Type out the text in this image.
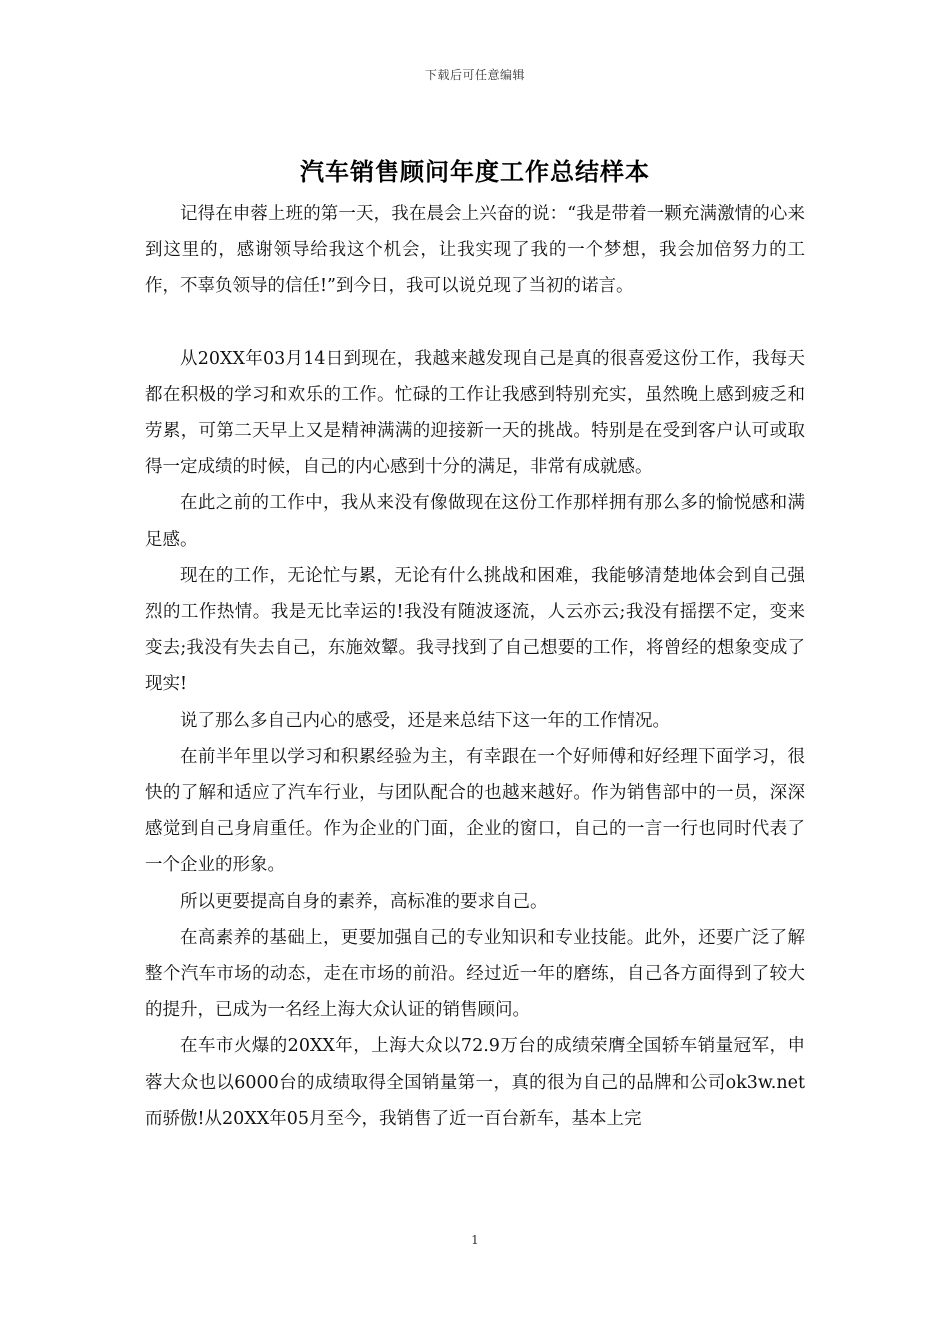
下载后可任意编辑
汽车销售顾问年度工作总结样本

记得在申蓉上班的第一天，我在晨会上兴奋的说：“我是带着一颗充满激情的心来到这里的，感谢领导给我这个机会，让我实现了我的一个梦想，我会加倍努力的工作，不辜负领导的信任!”到今日，我可以说兑现了当初的诺言。

从20XX年03月14日到现在，我越来越发现自己是真的很喜爱这份工作，我每天都在积极的学习和欢乐的工作。忙碌的工作让我感到特别充实，虽然晚上感到疲乏和劳累，可第二天早上又是精神满满的迎接新一天的挑战。特别是在受到客户认可或取得一定成绩的时候，自己的内心感到十分的满足，非常有成就感。

在此之前的工作中，我从来没有像做现在这份工作那样拥有那么多的愉悦感和满足感。

现在的工作，无论忙与累，无论有什么挑战和困难，我能够清楚地体会到自己强烈的工作热情。我是无比幸运的!我没有随波逐流，人云亦云;我没有摇摆不定，变来变去;我没有失去自己，东施效颦。我寻找到了自己想要的工作，将曾经的想象变成了现实!

说了那么多自己内心的感受，还是来总结下这一年的工作情况。

在前半年里以学习和积累经验为主，有幸跟在一个好师傅和好经理下面学习，很快的了解和适应了汽车行业，与团队配合的也越来越好。作为销售部中的一员，深深感觉到自己身肩重任。作为企业的门面，企业的窗口，自己的一言一行也同时代表了一个企业的形象。

所以更要提高自身的素养，高标准的要求自己。

在高素养的基础上，更要加强自己的专业知识和专业技能。此外，还要广泛了解整个汽车市场的动态，走在市场的前沿。经过近一年的磨练，自己各方面得到了较大的提升，已成为一名经上海大众认证的销售顾问。

在车市火爆的20XX年，上海大众以72.9万台的成绩荣膺全国轿车销量冠军，申蓉大众也以6000台的成绩取得全国销量第一，真的很为自己的品牌和公司ok3w.net而骄傲!从20XX年05月至今，我销售了近一百台新车，基本上完

1
